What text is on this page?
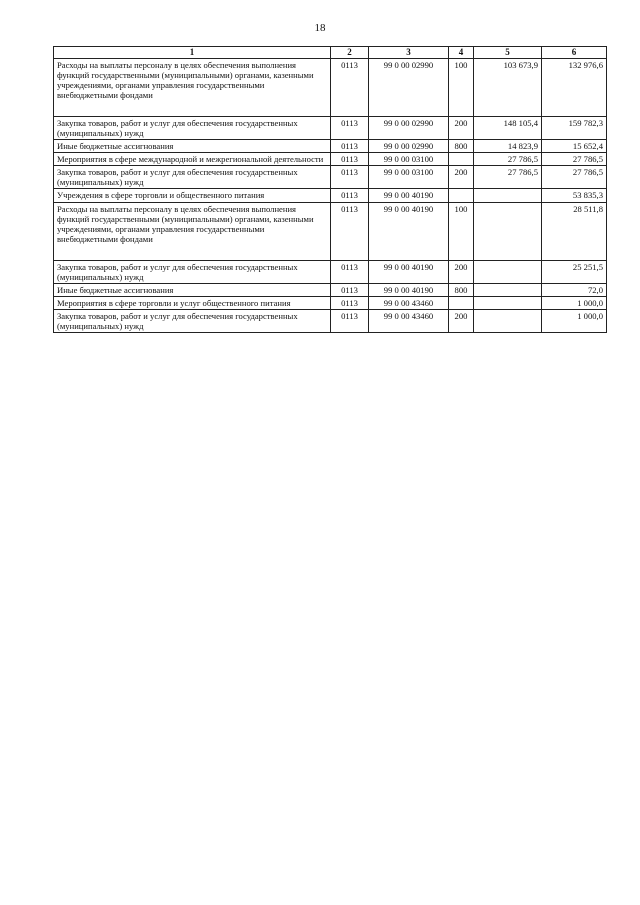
18
1	2	3	4	5	6
Расходы на выплаты персоналу в целях обеспечения выполнения функций государственными (муниципальными) органами, казенными учреждениями, органами управления государственными внебюджетными фондами	0113	99 0 00 02990	100	103 673,9	132 976,6
Закупка товаров, работ и услуг для обеспечения государственных (муниципальных) нужд	0113	99 0 00 02990	200	148 105,4	159 782,3
Иные бюджетные ассигнования	0113	99 0 00 02990	800	14 823,9	15 652,4
Мероприятия в сфере международной и межрегиональной деятельности	0113	99 0 00 03100		27 786,5	27 786,5
Закупка товаров, работ и услуг для обеспечения государственных (муниципальных) нужд	0113	99 0 00 03100	200	27 786,5	27 786,5
Учреждения в сфере торговли и общественного питания	0113	99 0 00 40190			53 835,3
Расходы на выплаты персоналу в целях обеспечения выполнения функций государственными (муниципальными) органами, казенными учреждениями, органами управления государственными внебюджетными фондами	0113	99 0 00 40190	100		28 511,8
Закупка товаров, работ и услуг для обеспечения государственных (муниципальных) нужд	0113	99 0 00 40190	200		25 251,5
Иные бюджетные ассигнования	0113	99 0 00 40190	800		72,0
Мероприятия в сфере торговли и услуг общественного питания	0113	99 0 00 43460			1 000,0
Закупка товаров, работ и услуг для обеспечения государственных (муниципальных) нужд	0113	99 0 00 43460	200		1 000,0
